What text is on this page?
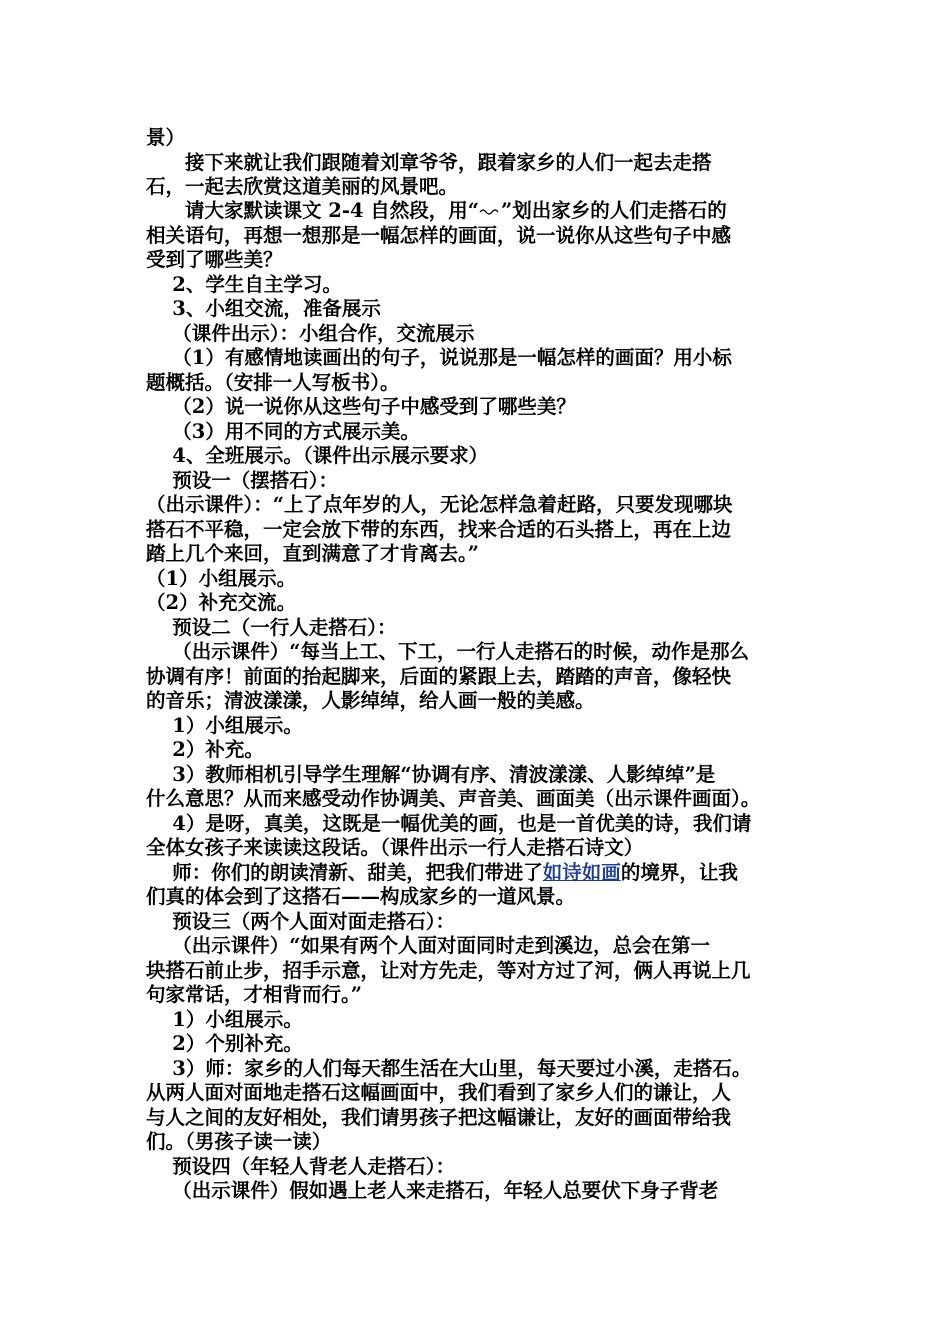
景）
　　接下来就让我们跟随着刘章爷爷，跟着家乡的人们一起去走搭
石，一起去欣赏这道美丽的风景吧。
　　请大家默读课文 2-4 自然段，用“ ”划出家乡的人们走搭石的
相关语句，再想一想那是一幅怎样的画面，说一说你从这些句子中感
受到了哪些美？
　 2、学生自主学习。
　 3、小组交流，准备展示
　 （课件出示）：小组合作，交流展示
　 （1）有感情地读画出的句子，说说那是一幅怎样的画面？用小标
题概括。（安排一人写板书）。
　 （2）说一说你从这些句子中感受到了哪些美？
　 （3）用不同的方式展示美。
　 4、全班展示。（课件出示展示要求）
　 预设一（摆搭石）：
（出示课件）：“上了点年岁的人，无论怎样急着赶路，只要发现哪块
搭石不平稳，一定会放下带的东西，找来合适的石头搭上，再在上边
踏上几个来回，直到满意了才肯离去。”
（1）小组展示。
（2）补充交流。
　 预设二（一行人走搭石）：
　 （出示课件）“每当上工、下工，一行人走搭石的时候，动作是那么
协调有序！前面的抬起脚来，后面的紧跟上去，踏踏的声音，像轻快
的音乐；清波漾漾，人影绰绰，给人画一般的美感。
　 1）小组展示。
　 2）补充。
　 3）教师相机引导学生理解“协调有序、清波漾漾、人影绰绰”是
什么意思？从而来感受动作协调美、声音美、画面美（出示课件画面）。
　 4）是呀，真美，这既是一幅优美的画，也是一首优美的诗，我们请
全体女孩子来读读这段话。（课件出示一行人走搭石诗文）
　 师：你们的朗读清新、甜美，把我们带进了如诗如画的境界，让我
们真的体会到了这搭石——构成家乡的一道风景。
　 预设三（两个人面对面走搭石）：
　 （出示课件）“如果有两个人面对面同时走到溪边，总会在第一
块搭石前止步，招手示意，让对方先走，等对方过了河，俩人再说上几
句家常话，才相背而行。”
　 1）小组展示。
　 2）个别补充。
　 3）师：家乡的人们每天都生活在大山里，每天要过小溪，走搭石。
从两人面对面地走搭石这幅画面中，我们看到了家乡人们的谦让，人
与人之间的友好相处，我们请男孩子把这幅谦让，友好的画面带给我
们。（男孩子读一读）
　 预设四（年轻人背老人走搭石）：
　 （出示课件）假如遇上老人来走搭石，年轻人总要伏下身子背老
